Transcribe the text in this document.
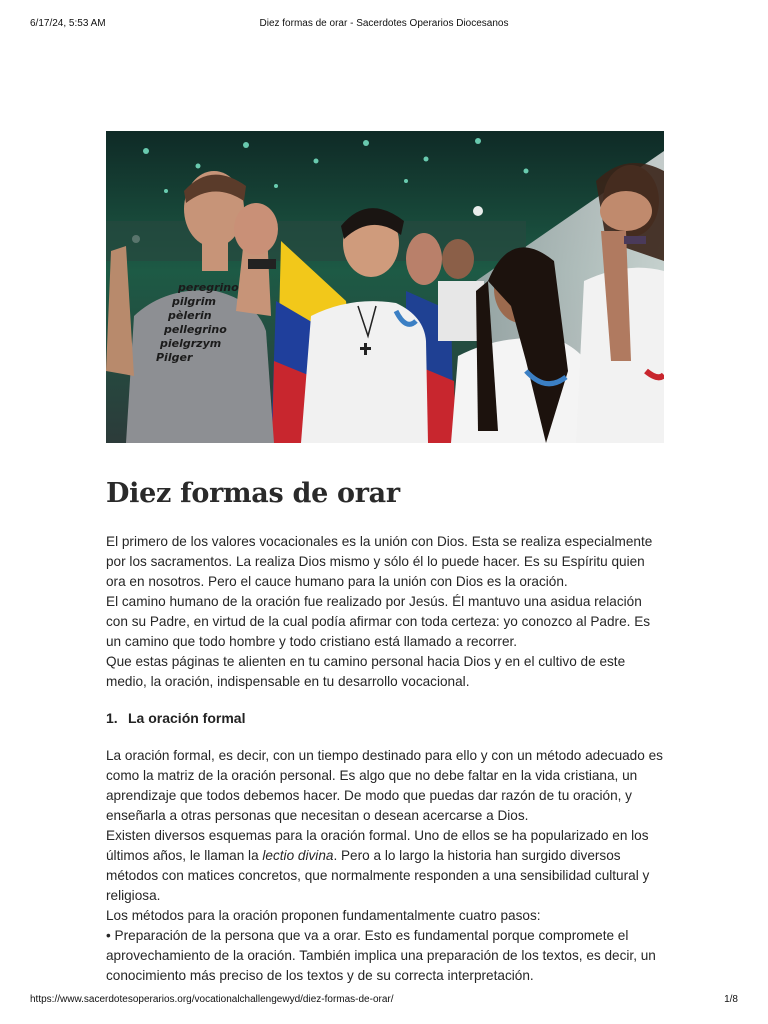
6/17/24, 5:53 AM	Diez formas de orar - Sacerdotes Operarios Diocesanos
peregrino
pilgrim
pèlerin
pellegrino
pielgrzym
Pilger
Diez formas de orar

El primero de los valores vocacionales es la unión con Dios. Esta se realiza especialmente por los sacramentos. La realiza Dios mismo y sólo él lo puede hacer. Es su Espíritu quien ora en nosotros. Pero el cauce humano para la unión con Dios es la oración.

El camino humano de la oración fue realizado por Jesús. Él mantuvo una asidua relación con su Padre, en virtud de la cual podía afirmar con toda certeza: yo conozco al Padre. Es un camino que todo hombre y todo cristiano está llamado a recorrer.

Que estas páginas te alienten en tu camino personal hacia Dios y en el cultivo de este medio, la oración, indispensable en tu desarrollo vocacional.

1. La oración formal

La oración formal, es decir, con un tiempo destinado para ello y con un método adecuado es como la matriz de la oración personal. Es algo que no debe faltar en la vida cristiana, un aprendizaje que todos debemos hacer. De modo que puedas dar razón de tu oración, y enseñarla a otras personas que necesitan o desean acercarse a Dios.

Existen diversos esquemas para la oración formal. Uno de ellos se ha popularizado en los últimos años, le llaman la lectio divina. Pero a lo largo la historia han surgido diversos métodos con matices concretos, que normalmente responden a una sensibilidad cultural y religiosa.

Los métodos para la oración proponen fundamentalmente cuatro pasos:

• Preparación de la persona que va a orar. Esto es fundamental porque compromete el aprovechamiento de la oración. También implica una preparación de los textos, es decir, un conocimiento más preciso de los textos y de su correcta interpretación.

https://www.sacerdotesoperarios.org/vocationalchallengewyd/diez-formas-de-orar/	1/8
